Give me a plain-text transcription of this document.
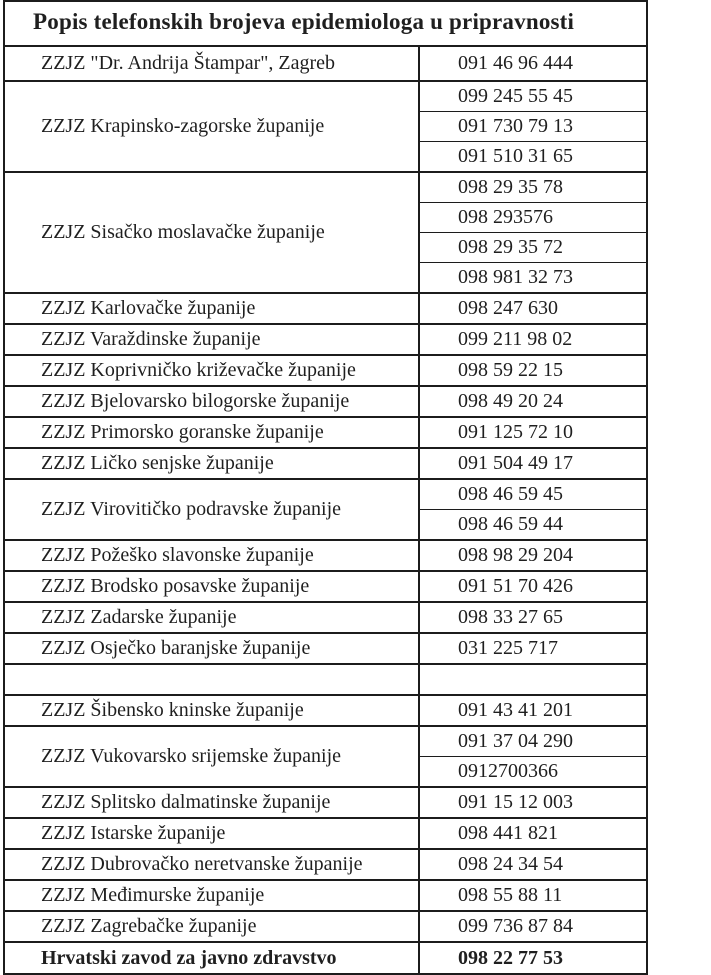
Popis telefonskih brojeva epidemiologa u pripravnosti	
ZZJZ "Dr. Andrija Štampar", Zagreb	091 46 96 444
ZZJZ Krapinsko-zagorske županije	099 245 55 45
	091 730 79 13
	091 510 31 65
ZZJZ Sisačko moslavačke županije	098 29 35 78
	098 293576
	098 29 35 72
	098 981 32 73
ZZJZ Karlovačke županije	098 247 630
ZZJZ Varaždinske županije	099 211 98 02
ZZJZ Koprivničko križevačke županije	098 59 22 15
ZZJZ Bjelovarsko bilogorske županije	098 49 20 24
ZZJZ Primorsko goranske županije	091 125 72 10
ZZJZ Ličko senjske županije	091 504 49 17
ZZJZ Virovitičko podravske županije	098 46 59 45
	098 46 59 44
ZZJZ Požeško slavonske županije	098 98 29 204
ZZJZ Brodsko posavske županije	091 51 70 426
ZZJZ Zadarske županije	098 33 27 65
ZZJZ Osječko baranjske županije	031 225 717

ZZJZ Šibensko kninske županije	091 43 41 201
ZZJZ Vukovarsko srijemske županije	091 37 04 290
	0912700366
ZZJZ Splitsko dalmatinske županije	091 15 12 003
ZZJZ Istarske županije	098 441 821
ZZJZ Dubrovačko neretvanske županije	098 24 34 54
ZZJZ Međimurske županije	098 55 88 11
ZZJZ Zagrebačke županije	099 736 87 84
Hrvatski zavod za javno zdravstvo	098 22 77 53
